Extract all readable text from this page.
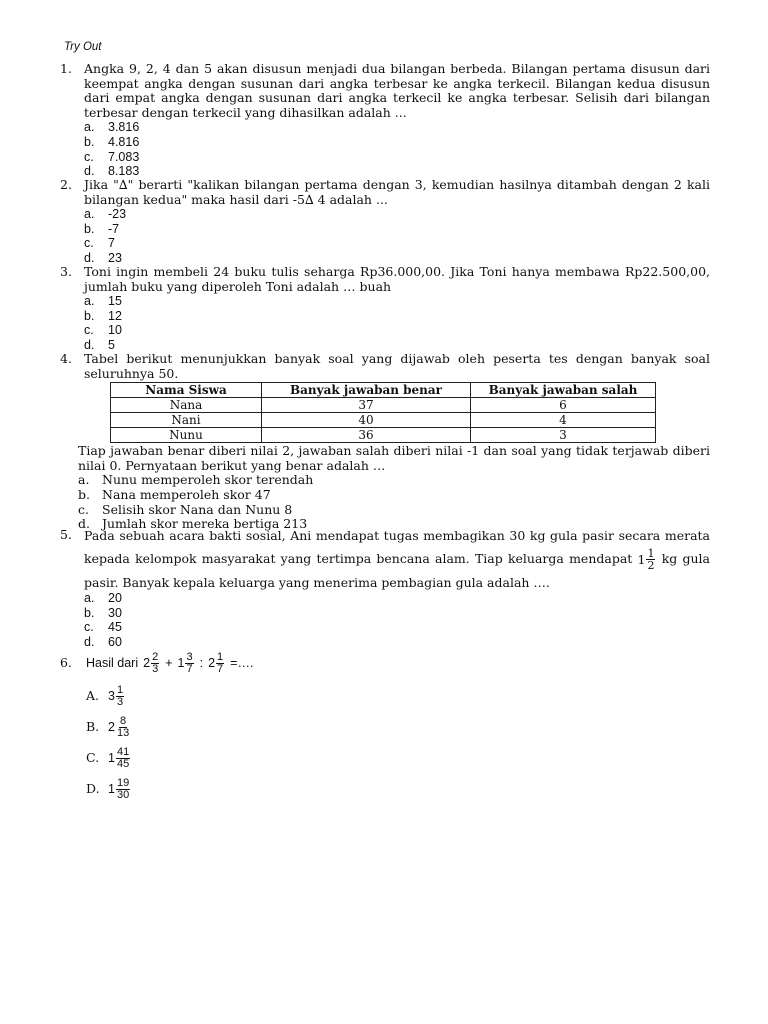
Try Out
1. Angka 9, 2, 4 dan 5 akan disusun menjadi dua bilangan berbeda. Bilangan pertama disusun dari keempat angka dengan susunan dari angka terbesar ke angka terkecil. Bilangan kedua disusun dari empat angka dengan susunan dari angka terkecil ke angka terbesar. Selisih dari bilangan terbesar dengan terkecil yang dihasilkan adalah ...
a. 3.816
b. 4.816
c. 7.083
d. 8.183
2. Jika "∆" berarti "kalikan bilangan pertama dengan 3, kemudian hasilnya ditambah dengan 2 kali bilangan kedua" maka hasil dari -5∆ 4 adalah ...
a. -23
b. -7
c. 7
d. 23
3. Toni ingin membeli 24 buku tulis seharga Rp36.000,00. Jika Toni hanya membawa Rp22.500,00, jumlah buku yang diperoleh Toni adalah … buah
a. 15
b. 12
c. 10
d. 5
4. Tabel berikut menunjukkan banyak soal yang dijawab oleh peserta tes dengan banyak soal seluruhnya 50.
Nama Siswa	Banyak jawaban benar	Banyak jawaban salah
Nana	37	6
Nani	40	4
Nunu	36	3
Tiap jawaban benar diberi nilai 2, jawaban salah diberi nilai -1 dan soal yang tidak terjawab diberi nilai 0. Pernyataan berikut yang benar adalah …
a. Nunu memperoleh skor terendah
b. Nana memperoleh skor 47
c. Selisih skor Nana dan Nunu 8
d. Jumlah skor mereka bertiga 213
5. Pada sebuah acara bakti sosial, Ani mendapat tugas membagikan 30 kg gula pasir secara merata kepada kelompok masyarakat yang tertimpa bencana alam. Tiap keluarga mendapat $1 \frac{1}{2}$ kg gula pasir. Banyak kepala keluarga yang menerima pembagian gula adalah ….
a. 20
b. 30
c. 45
d. 60
6.	Hasil dari $2 \frac{2}{3} + 1 \frac{3}{7}$ : $2 \frac{1}{7}$ =….
A. $3 \frac{1}{3}$
B. $2 \frac{8}{13}$
C. $1 \frac{41}{45}$
D. $1 \frac{19}{30}$
